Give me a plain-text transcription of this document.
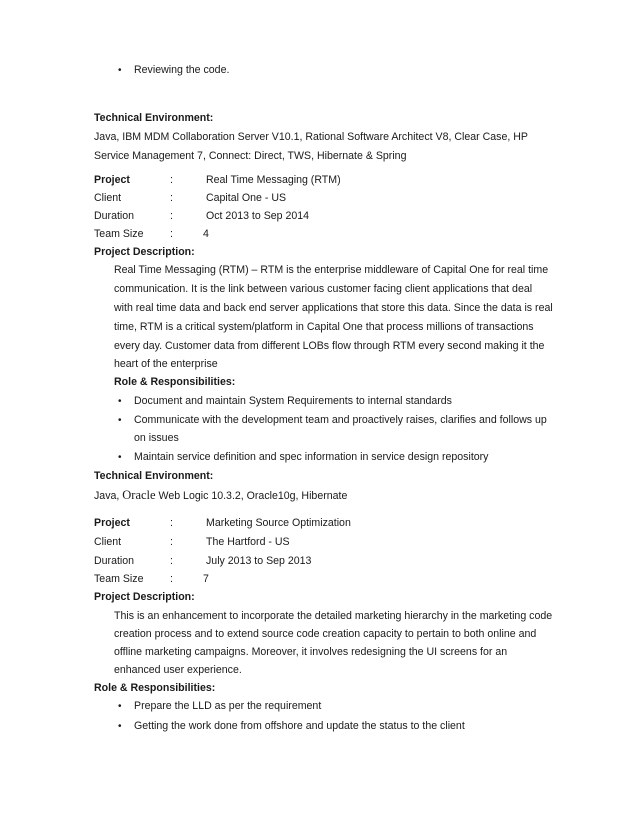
• Reviewing the code.
Technical Environment:
Java, IBM MDM Collaboration Server V10.1, Rational Software Architect V8, Clear Case, HP
Service Management 7, Connect: Direct, TWS, Hibernate & Spring
Project	:	Real Time Messaging (RTM)
Client	:	Capital One - US
Duration	:	Oct 2013 to Sep 2014
Team Size	:	4
Project Description:
Real Time Messaging (RTM) – RTM is the enterprise middleware of Capital One for real time
communication. It is the link between various customer facing client applications that deal
with real time data and back end server applications that store this data. Since the data is real
time, RTM is a critical system/platform in Capital One that process millions of transactions
every day. Customer data from different LOBs flow through RTM every second making it the
heart of the enterprise
Role & Responsibilities:
• Document and maintain System Requirements to internal standards
• Communicate with the development team and proactively raises, clarifies and follows up
on issues
• Maintain service definition and spec information in service design repository
Technical Environment:
Java, Oracle Web Logic 10.3.2, Oracle10g, Hibernate
Project	:	Marketing Source Optimization
Client	:	The Hartford - US
Duration	:	July 2013 to Sep 2013
Team Size	:	7
Project Description:
This is an enhancement to incorporate the detailed marketing hierarchy in the marketing code
creation process and to extend source code creation capacity to pertain to both online and
offline marketing campaigns. Moreover, it involves redesigning the UI screens for an
enhanced user experience.
Role & Responsibilities:
• Prepare the LLD as per the requirement
• Getting the work done from offshore and update the status to the client
